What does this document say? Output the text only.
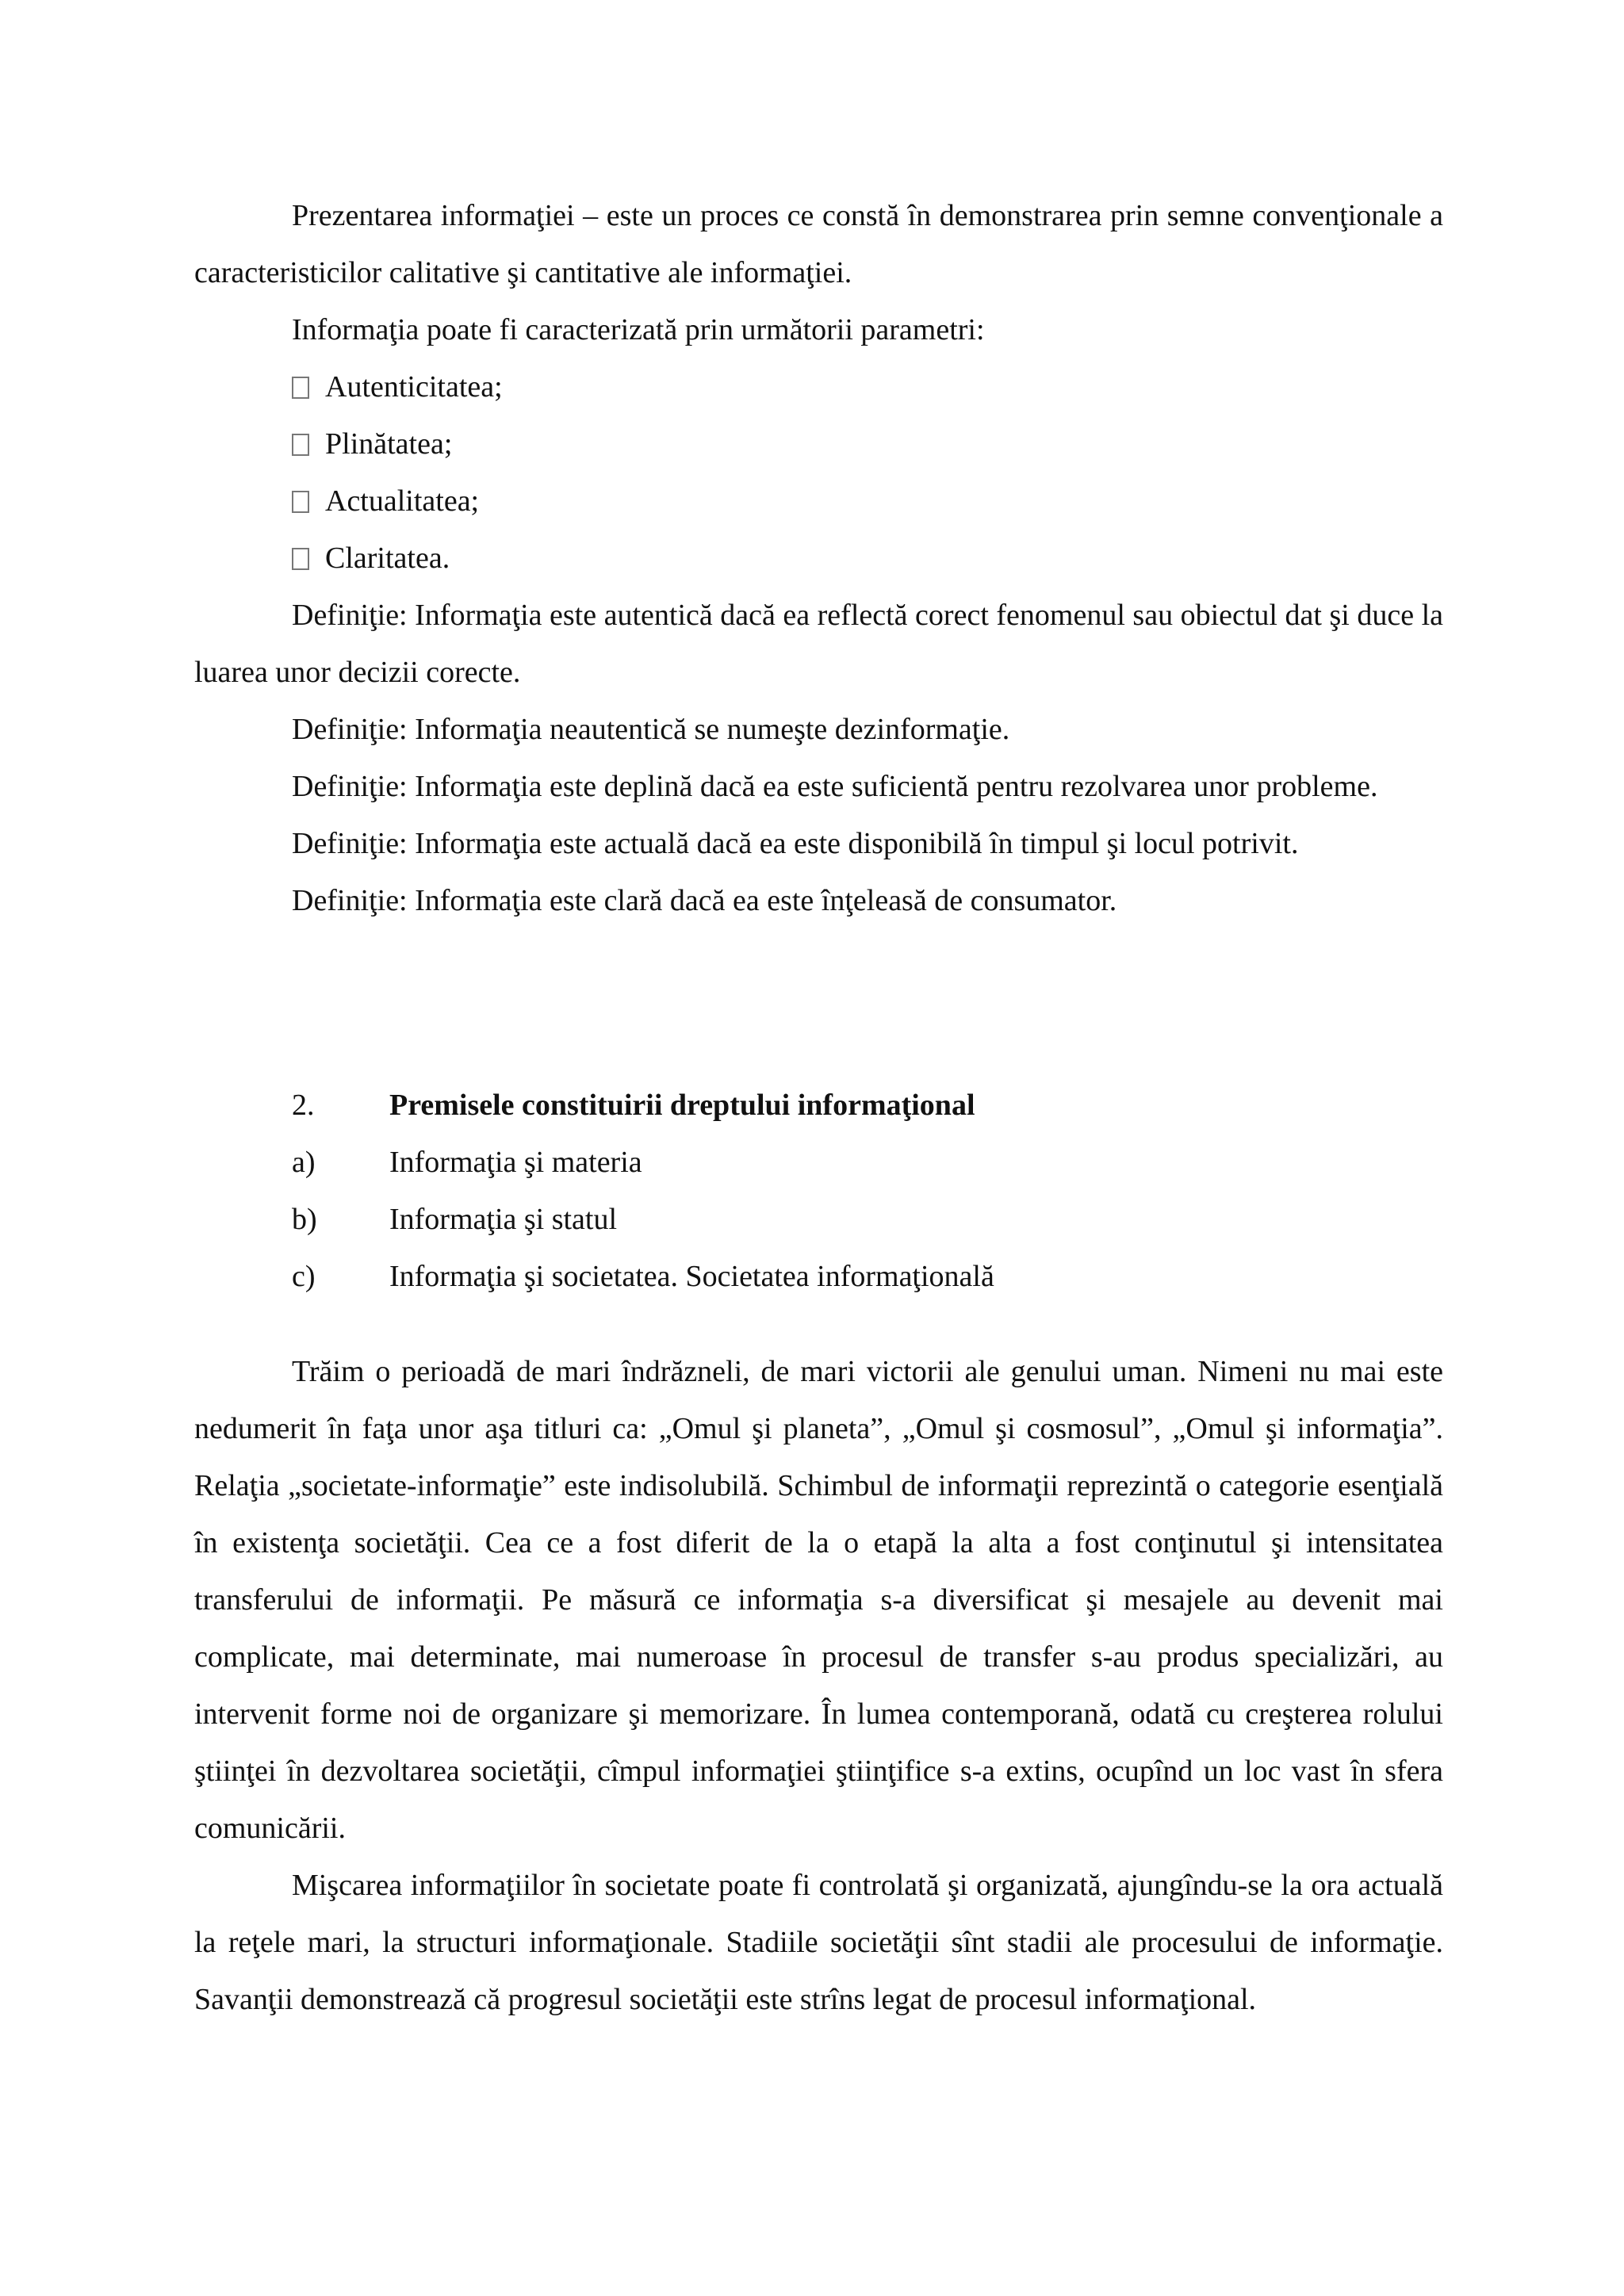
Prezentarea informaţiei – este un proces ce constă în demonstrarea prin semne convenţionale a caracteristicilor calitative şi cantitative ale informaţiei.

Informaţia poate fi caracterizată prin următorii parametri:

Autenticitatea;
Plinătatea;
Actualitatea;
Claritatea.

Definiţie: Informaţia este autentică dacă ea reflectă corect fenomenul sau obiectul dat şi duce la luarea unor decizii corecte.

Definiţie: Informaţia neautentică se numeşte dezinformaţie.

Definiţie: Informaţia este deplină dacă ea este suficientă pentru rezolvarea unor probleme.

Definiţie: Informaţia este actuală dacă ea este disponibilă în timpul şi locul potrivit.

Definiţie: Informaţia este clară dacă ea este înţeleasă de consumator.

2.	Premisele constituirii dreptului informaţional
a)	Informaţia şi materia
b)	Informaţia şi statul
c)	Informaţia şi societatea. Societatea informaţională

Trăim o perioadă de mari îndrăzneli, de mari victorii ale genului uman. Nimeni nu mai este nedumerit în faţa unor aşa titluri ca: „Omul şi planeta”, „Omul şi cosmosul”, „Omul şi informaţia”. Relaţia „societate-informaţie” este indisolubilă. Schimbul de informaţii reprezintă o categorie esenţială în existenţa societăţii. Cea ce a fost diferit de la o etapă la alta a fost conţinutul şi intensitatea transferului de informaţii. Pe măsură ce informaţia s-a diversificat şi mesajele au devenit mai complicate, mai determinate, mai numeroase în procesul de transfer s-au produs specializări, au intervenit forme noi de organizare şi memorizare. În lumea contemporană, odată cu creşterea rolului ştiinţei în dezvoltarea societăţii, cîmpul informaţiei ştiinţifice s-a extins, ocupînd un loc vast în sfera comunicării.

Mişcarea informaţiilor în societate poate fi controlată şi organizată, ajungîndu-se la ora actuală la reţele mari, la structuri informaţionale. Stadiile societăţii sînt stadii ale procesului de informaţie. Savanţii demonstrează că progresul societăţii este strîns legat de procesul informaţional.
